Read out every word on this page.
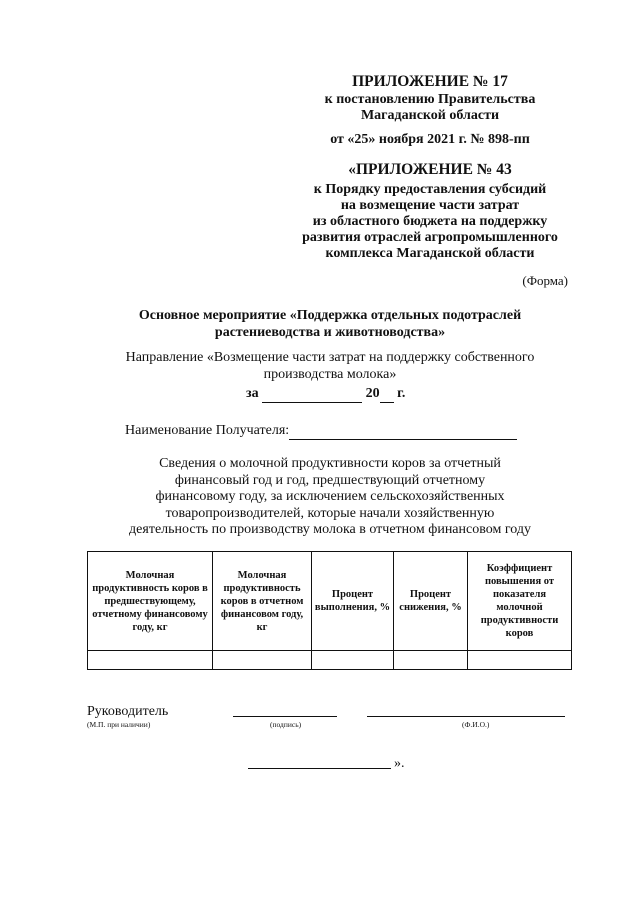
ПРИЛОЖЕНИЕ № 17
к постановлению Правительства
Магаданской области
от «25» ноября 2021 г. № 898-пп
«ПРИЛОЖЕНИЕ № 43
к Порядку предоставления субсидий
на возмещение части затрат
из областного бюджета на поддержку
развития отраслей агропромышленного
комплекса Магаданской области
(Форма)
Основное мероприятие «Поддержка отдельных подотраслей
растениеводства и животноводства»
Направление «Возмещение части затрат на поддержку собственного
производства молока»
за	20 г.
Наименование Получателя:
Сведения о молочной продуктивности коров за отчетный
финансовый год и год, предшествующий отчетному
финансовому году, за исключением сельскохозяйственных
товаропроизводителей, которые начали хозяйственную
деятельность по производству молока в отчетном финансовом году
Молочная продуктивность коров в предшествующему, отчетному финансовому году, кг	Молочная продуктивность коров в отчетном финансовом году, кг	Процент выполнения, %	Процент снижения, %	Коэффициент повышения от показателя молочной продуктивности коров

Руководитель
(М.П. при наличии)	(подпись)	(Ф.И.О.)
».
